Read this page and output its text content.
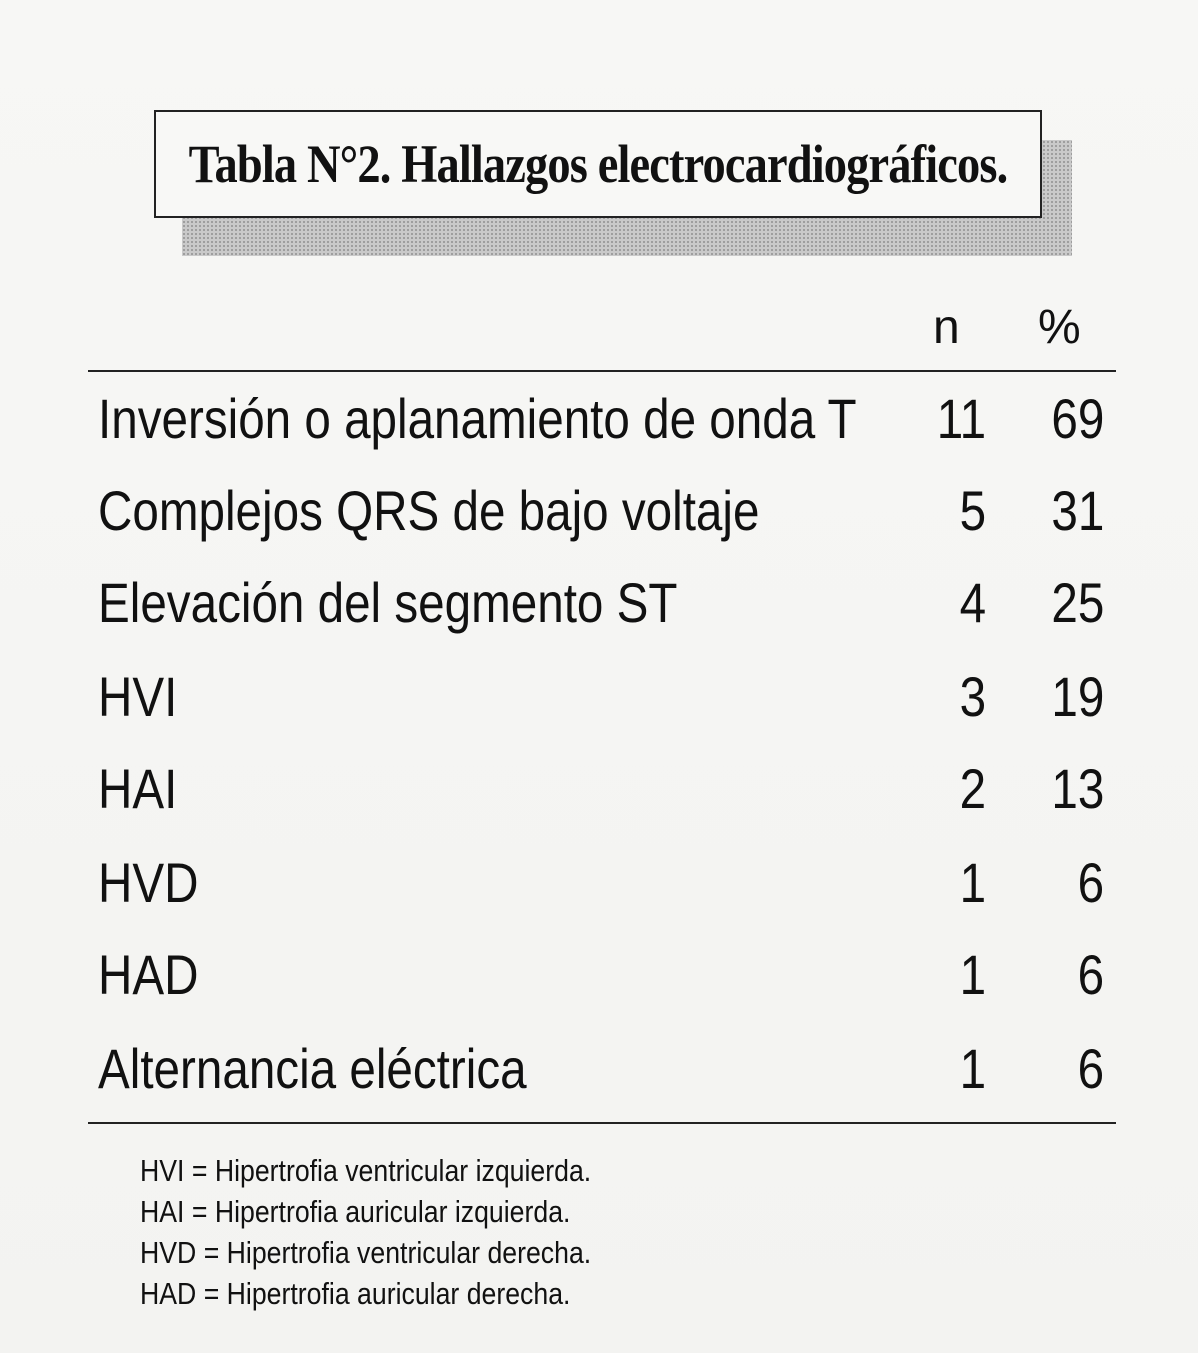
Tabla N°2. Hallazgos electrocardiográficos.
n %
Inversión o aplanamiento de onda T 11 69
Complejos QRS de bajo voltaje	5 31
Elevación del segmento ST	4 25
HVI	3 19
HAI	2 13
HVD	1 6
HAD	1 6
Alternancia eléctrica	1 6
HVI = Hipertrofia ventricular izquierda.
HAI = Hipertrofia auricular izquierda.
HVD = Hipertrofia ventricular derecha.
HAD = Hipertrofia auricular derecha.
